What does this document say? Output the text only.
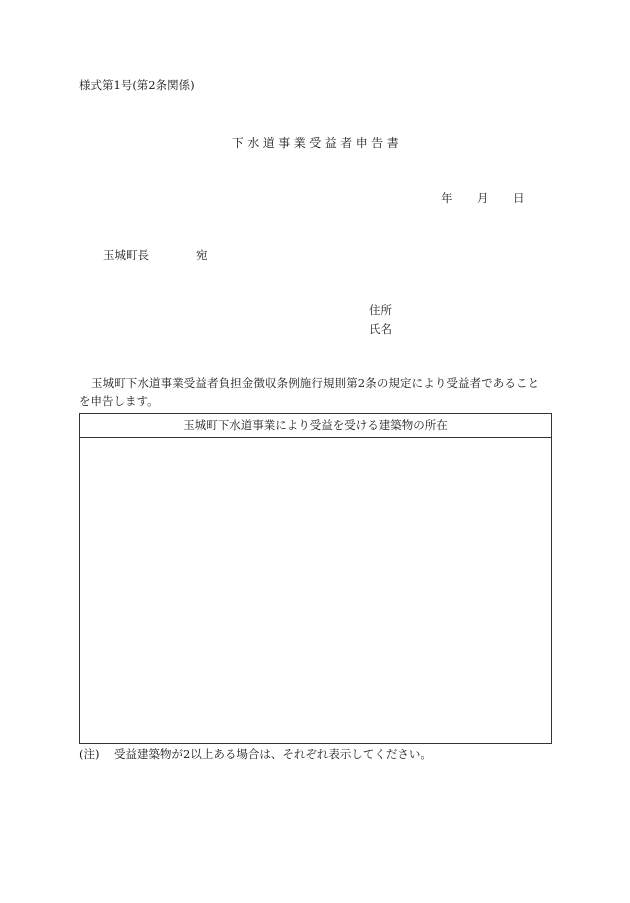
様式第1号(第2条関係)
下水道事業受益者申告書
年 月 日
玉城町長	宛
住所
氏名
玉城町下水道事業受益者負担金徴収条例施行規則第2条の規定により受益者であること
を申告します。
玉城町下水道事業により受益を受ける建築物の所在
(注) 受益建築物が2以上ある場合は、それぞれ表示してください。
